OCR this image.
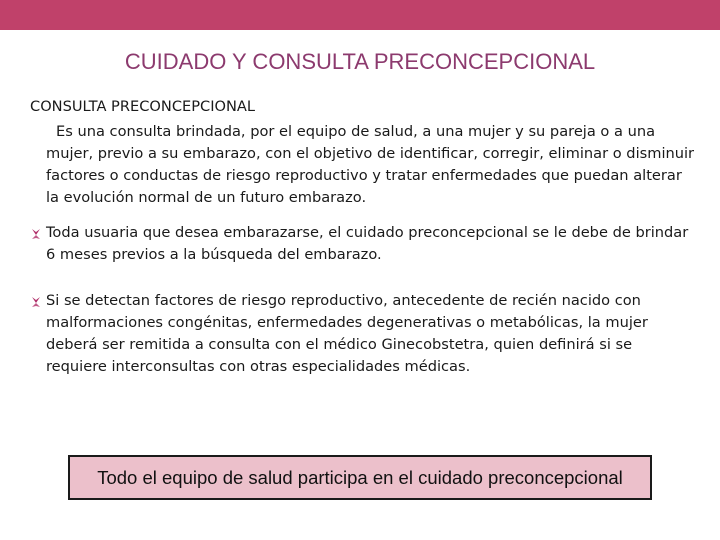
CUIDADO Y CONSULTA PRECONCEPCIONAL

CONSULTA PRECONCEPCIONAL

Es una consulta brindada, por el equipo de salud, a una mujer y su pareja o a una mujer, previo a su embarazo, con el objetivo de identificar, corregir, eliminar o disminuir factores o conductas de riesgo reproductivo y tratar enfermedades que puedan alterar la evolución normal de un futuro embarazo.

Toda usuaria que desea embarazarse, el cuidado preconcepcional se le debe de brindar 6 meses previos a la búsqueda del embarazo.
Si se detectan factores de riesgo reproductivo, antecedente de recién nacido con malformaciones congénitas, enfermedades degenerativas o metabólicas, la mujer deberá ser remitida a consulta con el médico Ginecobstetra, quien definirá si se requiere interconsultas con otras especialidades médicas.
Todo el equipo de salud participa en el cuidado preconcepcional
